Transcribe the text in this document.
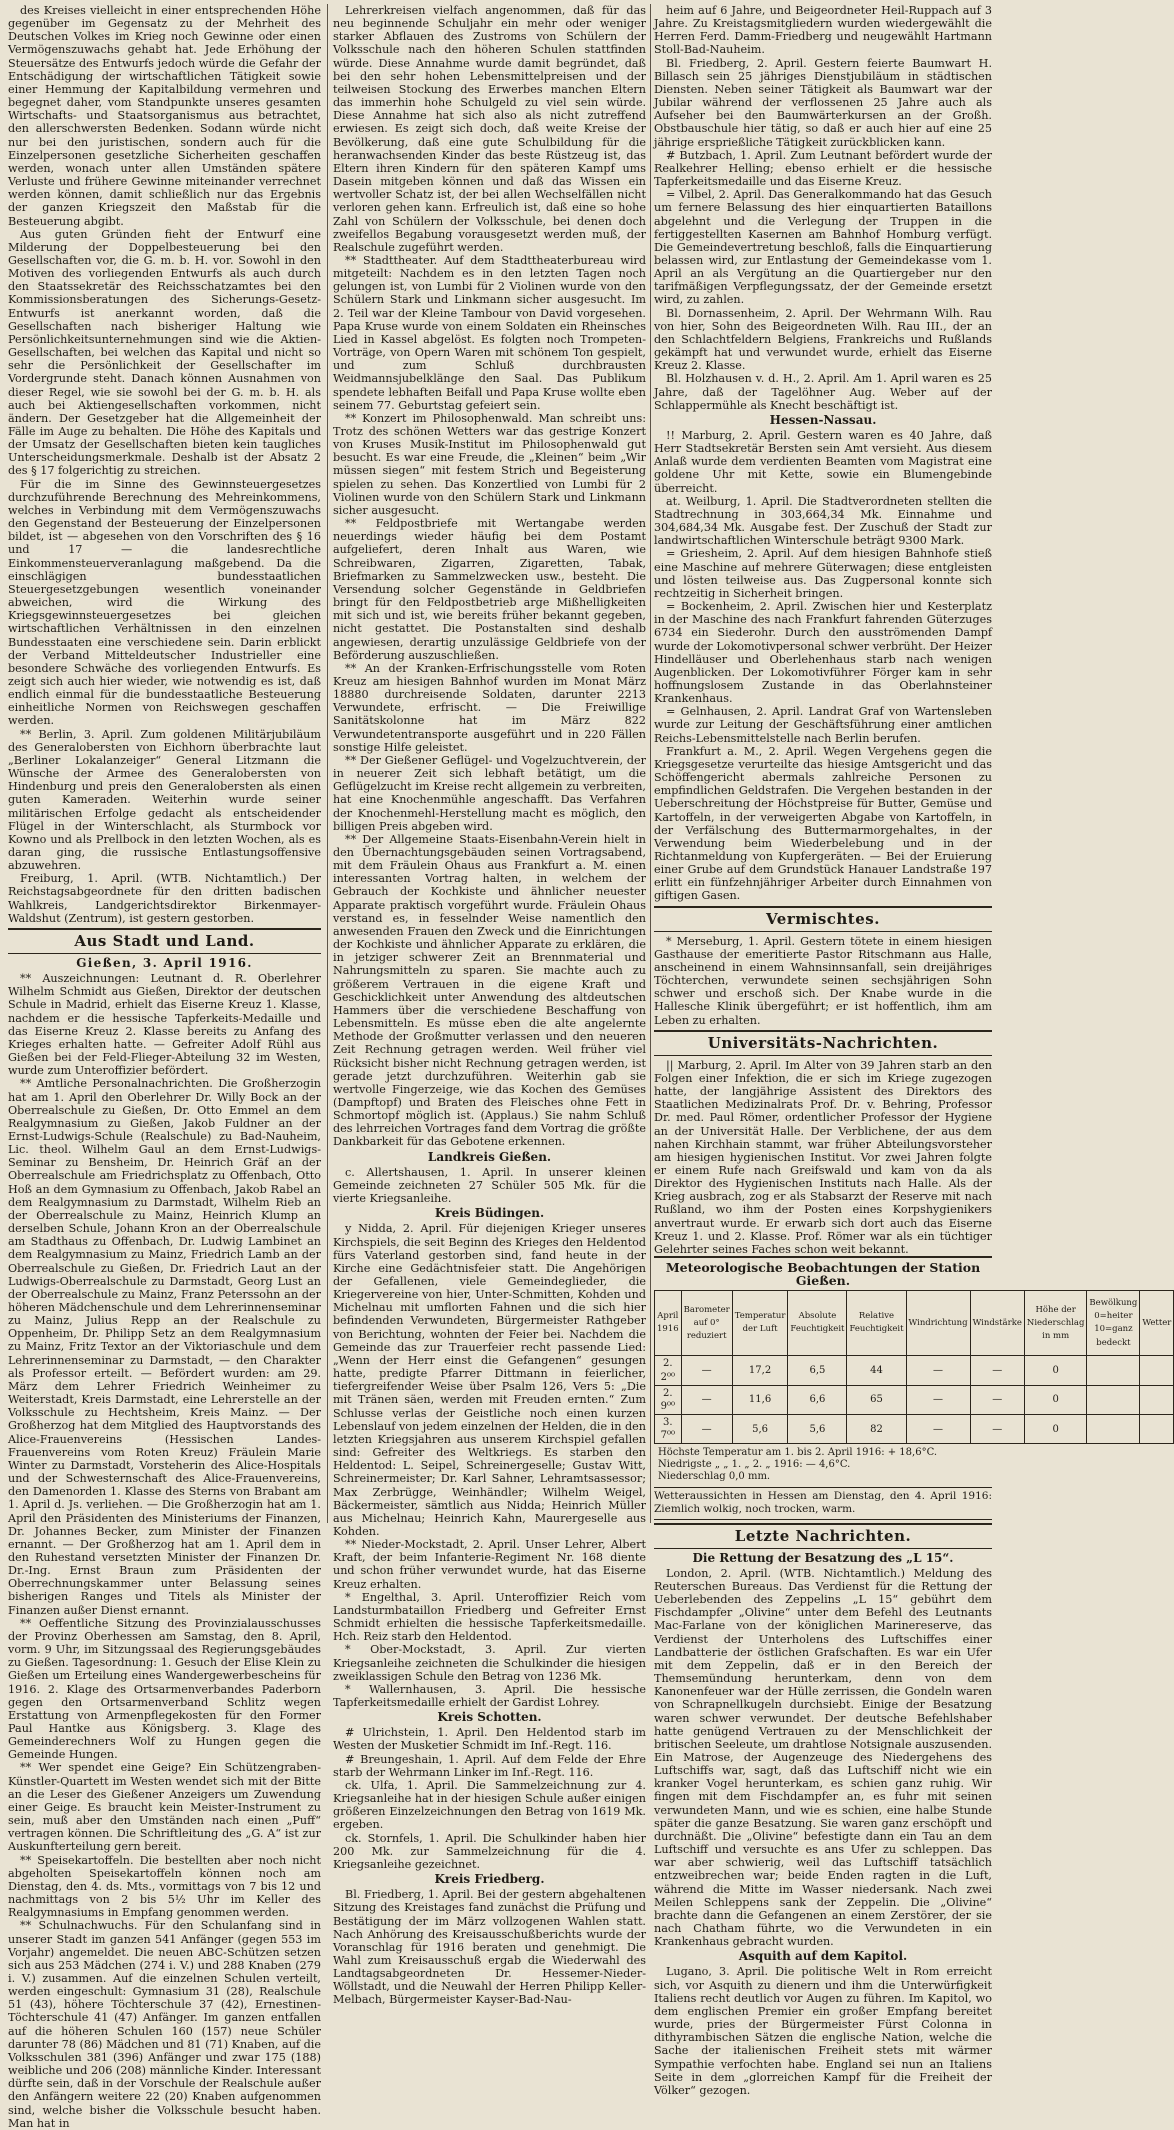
des Kreises vielleicht in einer entsprechenden Höhe gegenüber im Gegensatz zu der Mehrheit des Deutschen Volkes im Krieg noch Gewinne oder einen Vermögenszuwachs gehabt hat. Jede Erhöhung der Steuersätze des Entwurfs jedoch würde die Gefahr der Entschädigung der wirtschaftlichen Tätigkeit sowie einer Hemmung der Kapitalbildung vermehren und begegnet daher, vom Standpunkte unseres gesamten Wirtschafts- und Staatsorganismus aus betrachtet, den allerschwersten Bedenken. Sodann würde nicht nur bei den juristischen, sondern auch für die Einzelpersonen gesetzliche Sicherheiten geschaffen werden, wonach unter allen Umständen spätere Verluste und frühere Gewinne miteinander verrechnet werden können, damit schließlich nur das Ergebnis der ganzen Kriegszeit den Maßstab für die Besteuerung abgibt.

Aus guten Gründen fieht der Entwurf eine Milderung der Doppelbesteuerung bei den Gesellschaften vor, die G. m. b. H. vor. Sowohl in den Motiven des vorliegenden Entwurfs als auch durch den Staatssekretär des Reichsschatzamtes bei den Kommissionsberatungen des Sicherungs-Gesetz-Entwurfs ist anerkannt worden, daß die Gesellschaften nach bisheriger Haltung wie Persönlichkeitsunternehmungen sind wie die Aktien-Gesellschaften, bei welchen das Kapital und nicht so sehr die Persönlichkeit der Gesellschafter im Vordergrunde steht. Danach können Ausnahmen von dieser Regel, wie sie sowohl bei der G. m. b. H. als auch bei Aktiengesellschaften vorkommen, nicht ändern. Der Gesetzgeber hat die Allgemeinheit der Fälle im Auge zu behalten. Die Höhe des Kapitals und der Umsatz der Gesellschaften bieten kein taugliches Unterscheidungsmerkmale. Deshalb ist der Absatz 2 des § 17 folgerichtig zu streichen.

Für die im Sinne des Gewinnsteuergesetzes durchzuführende Berechnung des Mehreinkommens, welches in Verbindung mit dem Vermögenszuwachs den Gegenstand der Besteuerung der Einzelpersonen bildet, ist — abgesehen von den Vorschriften des § 16 und 17 — die landesrechtliche Einkommensteuerveranlagung maßgebend. Da die einschlägigen bundesstaatlichen Steuergesetzgebungen wesentlich voneinander abweichen, wird die Wirkung des Kriegsgewinnsteuergesetzes bei gleichen wirtschaftlichen Verhältnissen in den einzelnen Bundesstaaten eine verschiedene sein. Darin erblickt der Verband Mitteldeutscher Industrieller eine besondere Schwäche des vorliegenden Entwurfs. Es zeigt sich auch hier wieder, wie notwendig es ist, daß endlich einmal für die bundesstaatliche Besteuerung einheitliche Normen von Reichswegen geschaffen werden.

** Berlin, 3. April. Zum goldenen Militärjubiläum des Generalobersten von Eichhorn überbrachte laut „Berliner Lokalanzeiger“ General Litzmann die Wünsche der Armee des Generalobersten von Hindenburg und preis den Generalobersten als einen guten Kameraden. Weiterhin wurde seiner militärischen Erfolge gedacht als entscheidender Flügel in der Winterschlacht, als Sturmbock vor Kowno und als Prellbock in den letzten Wochen, als es daran ging, die russische Entlastungsoffensive abzuwehren.

Freiburg, 1. April. (WTB. Nichtamtlich.) Der Reichstagsabgeordnete für den dritten badischen Wahlkreis, Landgerichtsdirektor Birkenmayer-Waldshut (Zentrum), ist gestern gestorben.

Aus Stadt und Land.
Gießen, 3. April 1916.

** Auszeichnungen: Leutnant d. R. Oberlehrer Wilhelm Schmidt aus Gießen, Direktor der deutschen Schule in Madrid, erhielt das Eiserne Kreuz 1. Klasse, nachdem er die hessische Tapferkeits-Medaille und das Eiserne Kreuz 2. Klasse bereits zu Anfang des Krieges erhalten hatte. — Gefreiter Adolf Rühl aus Gießen bei der Feld-Flieger-Abteilung 32 im Westen, wurde zum Unteroffizier befördert.

** Amtliche Personalnachrichten. Die Großherzogin hat am 1. April den Oberlehrer Dr. Willy Bock an der Oberrealschule zu Gießen, Dr. Otto Emmel an dem Realgymnasium zu Gießen, Jakob Fuldner an der Ernst-Ludwigs-Schule (Realschule) zu Bad-Nauheim, Lic. theol. Wilhelm Gaul an dem Ernst-Ludwigs-Seminar zu Bensheim, Dr. Heinrich Gräf an der Oberrealschule am Friedrichsplatz zu Offenbach, Otto Hoß an dem Gymnasium zu Offenbach, Jakob Rabel an dem Realgymnasium zu Darmstadt, Wilhelm Rieb an der Oberrealschule zu Mainz, Heinrich Klump an derselben Schule, Johann Kron an der Oberrealschule am Stadthaus zu Offenbach, Dr. Ludwig Lambinet an dem Realgymnasium zu Mainz, Friedrich Lamb an der Oberrealschule zu Gießen, Dr. Friedrich Laut an der Ludwigs-Oberrealschule zu Darmstadt, Georg Lust an der Oberrealschule zu Mainz, Franz Peterssohn an der höheren Mädchenschule und dem Lehrerinnenseminar zu Mainz, Julius Repp an der Realschule zu Oppenheim, Dr. Philipp Setz an dem Realgymnasium zu Mainz, Fritz Textor an der Viktoriaschule und dem Lehrerinnenseminar zu Darmstadt, — den Charakter als Professor erteilt. — Befördert wurden: am 29. März dem Lehrer Friedrich Weinheimer zu Weiterstadt, Kreis Darmstadt, eine Lehrerstelle an der Volksschule zu Hechtsheim, Kreis Mainz. — Der Großherzog hat dem Mitglied des Hauptvorstands des Alice-Frauenvereins (Hessischen Landes-Frauenvereins vom Roten Kreuz) Fräulein Marie Winter zu Darmstadt, Vorsteherin des Alice-Hospitals und der Schwesternschaft des Alice-Frauenvereins, den Damenorden 1. Klasse des Sterns von Brabant am 1. April d. Js. verliehen. — Die Großherzogin hat am 1. April den Präsidenten des Ministeriums der Finanzen, Dr. Johannes Becker, zum Minister der Finanzen ernannt. — Der Großherzog hat am 1. April dem in den Ruhestand versetzten Minister der Finanzen Dr. Dr.-Ing. Ernst Braun zum Präsidenten der Oberrechnungskammer unter Belassung seines bisherigen Ranges und Titels als Minister der Finanzen außer Dienst ernannt.

** Oeffentliche Sitzung des Provinzialausschusses der Provinz Oberhessen am Samstag, den 8. April, vorm. 9 Uhr, im Sitzungssaal des Regierungsgebäudes zu Gießen. Tagesordnung: 1. Gesuch der Elise Klein zu Gießen um Erteilung eines Wandergewerbescheins für 1916. 2. Klage des Ortsarmenverbandes Paderborn gegen den Ortsarmenverband Schlitz wegen Erstattung von Armenpflegekosten für den Former Paul Hantke aus Königsberg. 3. Klage des Gemeinderechners Wolf zu Hungen gegen die Gemeinde Hungen.

** Wer spendet eine Geige? Ein Schützengraben-Künstler-Quartett im Westen wendet sich mit der Bitte an die Leser des Gießener Anzeigers um Zuwendung einer Geige. Es braucht kein Meister-Instrument zu sein, muß aber den Umständen nach einen „Puff“ vertragen können. Die Schriftleitung des „G. A“ ist zur Auskunfterteilung gern bereit.

** Speisekartoffeln. Die bestellten aber noch nicht abgeholten Speisekartoffeln können noch am Dienstag, den 4. ds. Mts., vormittags von 7 bis 12 und nachmittags von 2 bis 5½ Uhr im Keller des Realgymnasiums in Empfang genommen werden.

** Schulnachwuchs. Für den Schulanfang sind in unserer Stadt im ganzen 541 Anfänger (gegen 553 im Vorjahr) angemeldet. Die neuen ABC-Schützen setzen sich aus 253 Mädchen (274 i. V.) und 288 Knaben (279 i. V.) zusammen. Auf die einzelnen Schulen verteilt, werden eingeschult: Gymnasium 31 (28), Realschule 51 (43), höhere Töchterschule 37 (42), Ernestinen-Töchterschule 41 (47) Anfänger. Im ganzen entfallen auf die höheren Schulen 160 (157) neue Schüler darunter 78 (86) Mädchen und 81 (71) Knaben, auf die Volksschulen 381 (396) Anfänger und zwar 175 (188) weibliche und 206 (208) männliche Kinder. Interessant dürfte sein, daß in der Vorschule der Realschule außer den Anfängern weitere 22 (20) Knaben aufgenommen sind, welche bisher die Volksschule besucht haben. Man hat in

Lehrerkreisen vielfach angenommen, daß für das neu beginnende Schuljahr ein mehr oder weniger starker Abflauen des Zustroms von Schülern der Volksschule nach den höheren Schulen stattfinden würde. Diese Annahme wurde damit begründet, daß bei den sehr hohen Lebensmittelpreisen und der teilweisen Stockung des Erwerbes manchen Eltern das immerhin hohe Schulgeld zu viel sein würde. Diese Annahme hat sich also als nicht zutreffend erwiesen. Es zeigt sich doch, daß weite Kreise der Bevölkerung, daß eine gute Schulbildung für die heranwachsenden Kinder das beste Rüstzeug ist, das Eltern ihren Kindern für den späteren Kampf ums Dasein mitgeben können und daß das Wissen ein wertvoller Schatz ist, der bei allen Wechselfällen nicht verloren gehen kann. Erfreulich ist, daß eine so hohe Zahl von Schülern der Volksschule, bei denen doch zweifellos Begabung vorausgesetzt werden muß, der Realschule zugeführt werden.

** Stadttheater. Auf dem Stadttheaterbureau wird mitgeteilt: Nachdem es in den letzten Tagen noch gelungen ist, von Lumbi für 2 Violinen wurde von den Schülern Stark und Linkmann sicher ausgesucht. Im 2. Teil war der Kleine Tambour von David vorgesehen. Papa Kruse wurde von einem Soldaten ein Rheinsches Lied in Kassel abgelöst. Es folgten noch Trompeten-Vorträge, von Opern Waren mit schönem Ton gespielt, und zum Schluß durchbrausten Weidmannsjubelklänge den Saal. Das Publikum spendete lebhaften Beifall und Papa Kruse wollte eben seinem 77. Geburtstag gefeiert sein.

** Konzert im Philosophenwald. Man schreibt uns: Trotz des schönen Wetters war das gestrige Konzert von Kruses Musik-Institut im Philosophenwald gut besucht. Es war eine Freude, die „Kleinen“ beim „Wir müssen siegen“ mit festem Strich und Begeisterung spielen zu sehen. Das Konzertlied von Lumbi für 2 Violinen wurde von den Schülern Stark und Linkmann sicher ausgesucht.

** Feldpostbriefe mit Wertangabe werden neuerdings wieder häufig bei dem Postamt aufgeliefert, deren Inhalt aus Waren, wie Schreibwaren, Zigarren, Zigaretten, Tabak, Briefmarken zu Sammelzwecken usw., besteht. Die Versendung solcher Gegenstände in Geldbriefen bringt für den Feldpostbetrieb arge Mißhelligkeiten mit sich und ist, wie bereits früher bekannt gegeben, nicht gestattet. Die Postanstalten sind deshalb angewiesen, derartig unzulässige Geldbriefe von der Beförderung auszuschließen.

** An der Kranken-Erfrischungsstelle vom Roten Kreuz am hiesigen Bahnhof wurden im Monat März 18880 durchreisende Soldaten, darunter 2213 Verwundete, erfrischt. — Die Freiwillige Sanitätskolonne hat im März 822 Verwundetentransporte ausgeführt und in 220 Fällen sonstige Hilfe geleistet.

** Der Gießener Geflügel- und Vogelzuchtverein, der in neuerer Zeit sich lebhaft betätigt, um die Geflügelzucht im Kreise recht allgemein zu verbreiten, hat eine Knochenmühle angeschafft. Das Verfahren der Knochenmehl-Herstellung macht es möglich, den billigen Preis abgeben wird.

** Der Allgemeine Staats-Eisenbahn-Verein hielt in den Übernachtungsgebäuden seinen Vortragsabend, mit dem Fräulein Ohaus aus Frankfurt a. M. einen interessanten Vortrag halten, in welchem der Gebrauch der Kochkiste und ähnlicher neuester Apparate praktisch vorgeführt wurde. Fräulein Ohaus verstand es, in fesselnder Weise namentlich den anwesenden Frauen den Zweck und die Einrichtungen der Kochkiste und ähnlicher Apparate zu erklären, die in jetziger schwerer Zeit an Brennmaterial und Nahrungsmitteln zu sparen. Sie machte auch zu größerem Vertrauen in die eigene Kraft und Geschicklichkeit unter Anwendung des altdeutschen Hammers über die verschiedene Beschaffung von Lebensmitteln. Es müsse eben die alte angelernte Methode der Großmutter verlassen und den neueren Zeit Rechnung getragen werden. Weil früher viel Rücksicht bisher nicht Rechnung getragen werden, ist gerade jetzt durchzuführen. Weiterhin gab sie wertvolle Fingerzeige, wie das Kochen des Gemüses (Dampftopf) und Braten des Fleisches ohne Fett in Schmortopf möglich ist. (Applaus.) Sie nahm Schluß des lehrreichen Vortrages fand dem Vortrag die größte Dankbarkeit für das Gebotene erkennen.

Landkreis Gießen.

c. Allertshausen, 1. April. In unserer kleinen Gemeinde zeichneten 27 Schüler 505 Mk. für die vierte Kriegsanleihe.

Kreis Büdingen.

y Nidda, 2. April. Für diejenigen Krieger unseres Kirchspiels, die seit Beginn des Krieges den Heldentod fürs Vaterland gestorben sind, fand heute in der Kirche eine Gedächtnisfeier statt. Die Angehörigen der Gefallenen, viele Gemeindeglieder, die Kriegervereine von hier, Unter-Schmitten, Kohden und Michelnau mit umflorten Fahnen und die sich hier befindenden Verwundeten, Bürgermeister Rathgeber von Berichtung, wohnten der Feier bei. Nachdem die Gemeinde das zur Trauerfeier recht passende Lied: „Wenn der Herr einst die Gefangenen“ gesungen hatte, predigte Pfarrer Dittmann in feierlicher, tiefergreifender Weise über Psalm 126, Vers 5: „Die mit Tränen säen, werden mit Freuden ernten.“ Zum Schlusse verlas der Geistliche noch einen kurzen Lebenslauf von jedem einzelnen der Helden, die in den letzten Kriegsjahren aus unserem Kirchspiel gefallen sind: Gefreiter des Weltkriegs. Es starben den Heldentod: L. Seipel, Schreinergeselle; Gustav Witt, Schreinermeister; Dr. Karl Sahner, Lehramtsassessor; Max Zerbrügge, Weinhändler; Wilhelm Weigel, Bäckermeister, sämtlich aus Nidda; Heinrich Müller aus Michelnau; Heinrich Kahn, Maurergeselle aus Kohden.

** Nieder-Mockstadt, 2. April. Unser Lehrer, Albert Kraft, der beim Infanterie-Regiment Nr. 168 diente und schon früher verwundet wurde, hat das Eiserne Kreuz erhalten.

* Engelthal, 3. April. Unteroffizier Reich vom Landsturmbataillon Friedberg und Gefreiter Ernst Schmidt erhielten die hessische Tapferkeitsmedaille. Hch. Reiz starb den Heldentod.

* Ober-Mockstadt, 3. April. Zur vierten Kriegsanleihe zeichneten die Schulkinder die hiesigen zweiklassigen Schule den Betrag von 1236 Mk.

* Wallernhausen, 3. April. Die hessische Tapferkeitsmedaille erhielt der Gardist Lohrey.

Kreis Schotten.

# Ulrichstein, 1. April. Den Heldentod starb im Westen der Musketier Schmidt im Inf.-Regt. 116.

# Breungeshain, 1. April. Auf dem Felde der Ehre starb der Wehrmann Linker im Inf.-Regt. 116.

ck. Ulfa, 1. April. Die Sammelzeichnung zur 4. Kriegsanleihe hat in der hiesigen Schule außer einigen größeren Einzelzeichnungen den Betrag von 1619 Mk. ergeben.

ck. Stornfels, 1. April. Die Schulkinder haben hier 200 Mk. zur Sammelzeichnung für die 4. Kriegsanleihe gezeichnet.

Kreis Friedberg.

Bl. Friedberg, 1. April. Bei der gestern abgehaltenen Sitzung des Kreistages fand zunächst die Prüfung und Bestätigung der im März vollzogenen Wahlen statt. Nach Anhörung des Kreisausschußberichts wurde der Voranschlag für 1916 beraten und genehmigt. Die Wahl zum Kreisausschuß ergab die Wiederwahl des Landtagsabgeordneten Dr. Hessemer-Nieder-Wöllstadt, und die Neuwahl der Herren Philipp Keller-Melbach, Bürgermeister Kayser-Bad-Nau-

heim auf 6 Jahre, und Beigeordneter Heil-Ruppach auf 3 Jahre. Zu Kreistagsmitgliedern wurden wiedergewählt die Herren Ferd. Damm-Friedberg und neugewählt Hartmann Stoll-Bad-Nauheim.

Bl. Friedberg, 2. April. Gestern feierte Baumwart H. Billasch sein 25 jähriges Dienstjubiläum in städtischen Diensten. Neben seiner Tätigkeit als Baumwart war der Jubilar während der verflossenen 25 Jahre auch als Aufseher bei den Baumwärterkursen an der Großh. Obstbauschule hier tätig, so daß er auch hier auf eine 25 jährige ersprießliche Tätigkeit zurückblicken kann.

# Butzbach, 1. April. Zum Leutnant befördert wurde der Realkehrer Helling; ebenso erhielt er die hessische Tapferkeitsmedaille und das Eiserne Kreuz.

= Vilbel, 2. April. Das Generalkommando hat das Gesuch um fernere Belassung des hier einquartierten Bataillons abgelehnt und die Verlegung der Truppen in die fertiggestellten Kasernen am Bahnhof Homburg verfügt. Die Gemeindevertretung beschloß, falls die Einquartierung belassen wird, zur Entlastung der Gemeindekasse vom 1. April an als Vergütung an die Quartiergeber nur den tarifmäßigen Verpflegungssatz, der der Gemeinde ersetzt wird, zu zahlen.

Bl. Dornassenheim, 2. April. Der Wehrmann Wilh. Rau von hier, Sohn des Beigeordneten Wilh. Rau III., der an den Schlachtfeldern Belgiens, Frankreichs und Rußlands gekämpft hat und verwundet wurde, erhielt das Eiserne Kreuz 2. Klasse.

Bl. Holzhausen v. d. H., 2. April. Am 1. April waren es 25 Jahre, daß der Tagelöhner Aug. Weber auf der Schlappermühle als Knecht beschäftigt ist.

Hessen-Nassau.

!! Marburg, 2. April. Gestern waren es 40 Jahre, daß Herr Stadtsekretär Bersten sein Amt versieht. Aus diesem Anlaß wurde dem verdienten Beamten vom Magistrat eine goldene Uhr mit Kette, sowie ein Blumengebinde überreicht.

at. Weilburg, 1. April. Die Stadtverordneten stellten die Stadtrechnung in 303,664,34 Mk. Einnahme und 304,684,34 Mk. Ausgabe fest. Der Zuschuß der Stadt zur landwirtschaftlichen Winterschule beträgt 9300 Mark.

= Griesheim, 2. April. Auf dem hiesigen Bahnhofe stieß eine Maschine auf mehrere Güterwagen; diese entgleisten und lösten teilweise aus. Das Zugpersonal konnte sich rechtzeitig in Sicherheit bringen.

= Bockenheim, 2. April. Zwischen hier und Kesterplatz in der Maschine des nach Frankfurt fahrenden Güterzuges 6734 ein Siederohr. Durch den ausströmenden Dampf wurde der Lokomotivpersonal schwer verbrüht. Der Heizer Hindelläuser und Oberlehenhaus starb nach wenigen Augenblicken. Der Lokomotivführer Förger kam in sehr hoffnungslosem Zustande in das Oberlahnsteiner Krankenhaus.

= Gelnhausen, 2. April. Landrat Graf von Wartensleben wurde zur Leitung der Geschäftsführung einer amtlichen Reichs-Lebensmittelstelle nach Berlin berufen.

Frankfurt a. M., 2. April. Wegen Vergehens gegen die Kriegsgesetze verurteilte das hiesige Amtsgericht und das Schöffengericht abermals zahlreiche Personen zu empfindlichen Geldstrafen. Die Vergehen bestanden in der Ueberschreitung der Höchstpreise für Butter, Gemüse und Kartoffeln, in der verweigerten Abgabe von Kartoffeln, in der Verfälschung des Buttermarmorgehaltes, in der Verwendung beim Wiederbelebung und in der Richtanmeldung von Kupfergeräten. — Bei der Eruierung einer Grube auf dem Grundstück Hanauer Landstraße 197 erlitt ein fünfzehnjähriger Arbeiter durch Einnahmen von giftigen Gasen.

Vermischtes.

* Merseburg, 1. April. Gestern tötete in einem hiesigen Gasthause der emeritierte Pastor Ritschmann aus Halle, anscheinend in einem Wahnsinnsanfall, sein dreijähriges Töchterchen, verwundete seinen sechsjährigen Sohn schwer und erschoß sich. Der Knabe wurde in die Hallesche Klinik übergeführt; er ist hoffentlich, ihm am Leben zu erhalten.

Universitäts-Nachrichten.

|| Marburg, 2. April. Im Alter von 39 Jahren starb an den Folgen einer Infektion, die er sich im Kriege zugezogen hatte, der langjährige Assistent des Direktors des Staatlichen Medizinalrats Prof. Dr. v. Behring, Professor Dr. med. Paul Römer, ordentlicher Professor der Hygiene an der Universität Halle. Der Verblichene, der aus dem nahen Kirchhain stammt, war früher Abteilungsvorsteher am hiesigen hygienischen Institut. Vor zwei Jahren folgte er einem Rufe nach Greifswald und kam von da als Direktor des Hygienischen Instituts nach Halle. Als der Krieg ausbrach, zog er als Stabsarzt der Reserve mit nach Rußland, wo ihm der Posten eines Korpshygienikers anvertraut wurde. Er erwarb sich dort auch das Eiserne Kreuz 1. und 2. Klasse. Prof. Römer war als ein tüchtiger Gelehrter seines Faches schon weit bekannt.

Meteorologische Beobachtungen der Station Gießen.
April 1916	Barometer auf 0° reduziert	Temperatur der Luft	Absolute Feuchtigkeit	Relative Feuchtigkeit	Windrichtung	Windstärke	Höhe der Niederschlag in mm	Bewölkung 0=heiter 10=ganz bedeckt	Wetter
2. 2⁰⁰	—	17,2	6,5	44	—	—	0		
2. 9⁰⁰	—	11,6	6,6	65	—	—	0		
3. 7⁰⁰	—	5,6	5,6	82	—	—	0		
Höchste Temperatur am 1. bis 2. April 1916: + 18,6°C.
Niedrigste „ „ 1. „ 2. „ 1916: — 4,6°C.
Niederschlag 0,0 mm.
Wetteraussichten in Hessen am Dienstag, den 4. April 1916: Ziemlich wolkig, noch trocken, warm.
Letzte Nachrichten.
Die Rettung der Besatzung des „L 15“.

London, 2. April. (WTB. Nichtamtlich.) Meldung des Reuterschen Bureaus. Das Verdienst für die Rettung der Ueberlebenden des Zeppelins „L 15“ gebührt dem Fischdampfer „Olivine“ unter dem Befehl des Leutnants Mac-Farlane von der königlichen Marinereserve, das Verdienst der Unterholens des Luftschiffes einer Landbatterie der östlichen Grafschaften. Es war ein Ufer mit dem Zeppelin, daß er in den Bereich der Themsemündung herunterkam, denn von dem Kanonenfeuer war der Hülle zerrissen, die Gondeln waren von Schrapnellkugeln durchsiebt. Einige der Besatzung waren schwer verwundet. Der deutsche Befehlshaber hatte genügend Vertrauen zu der Menschlichkeit der britischen Seeleute, um drahtlose Notsignale auszusenden. Ein Matrose, der Augenzeuge des Niedergehens des Luftschiffs war, sagt, daß das Luftschiff nicht wie ein kranker Vogel herunterkam, es schien ganz ruhig. Wir fingen mit dem Fischdampfer an, es fuhr mit seinen verwundeten Mann, und wie es schien, eine halbe Stunde später die ganze Besatzung. Sie waren ganz erschöpft und durchnäßt. Die „Olivine“ befestigte dann ein Tau an dem Luftschiff und versuchte es ans Ufer zu schleppen. Das war aber schwierig, weil das Luftschiff tatsächlich entzweibrechen war; beide Enden ragten in die Luft, während die Mitte im Wasser niedersank. Nach zwei Meilen Schleppens sank der Zeppelin. Die „Olivine“ brachte dann die Gefangenen an einem Zerstörer, der sie nach Chatham führte, wo die Verwundeten in ein Krankenhaus gebracht wurden.

Asquith auf dem Kapitol.

Lugano, 3. April. Die politische Welt in Rom erreicht sich, vor Asquith zu dienern und ihm die Unterwürfigkeit Italiens recht deutlich vor Augen zu führen. Im Kapitol, wo dem englischen Premier ein großer Empfang bereitet wurde, pries der Bürgermeister Fürst Colonna in dithyrambischen Sätzen die englische Nation, welche die Sache der italienischen Freiheit stets mit wärmer Sympathie verfochten habe. England sei nun an Italiens Seite in dem „glorreichen Kampf für die Freiheit der Völker“ gezogen.
